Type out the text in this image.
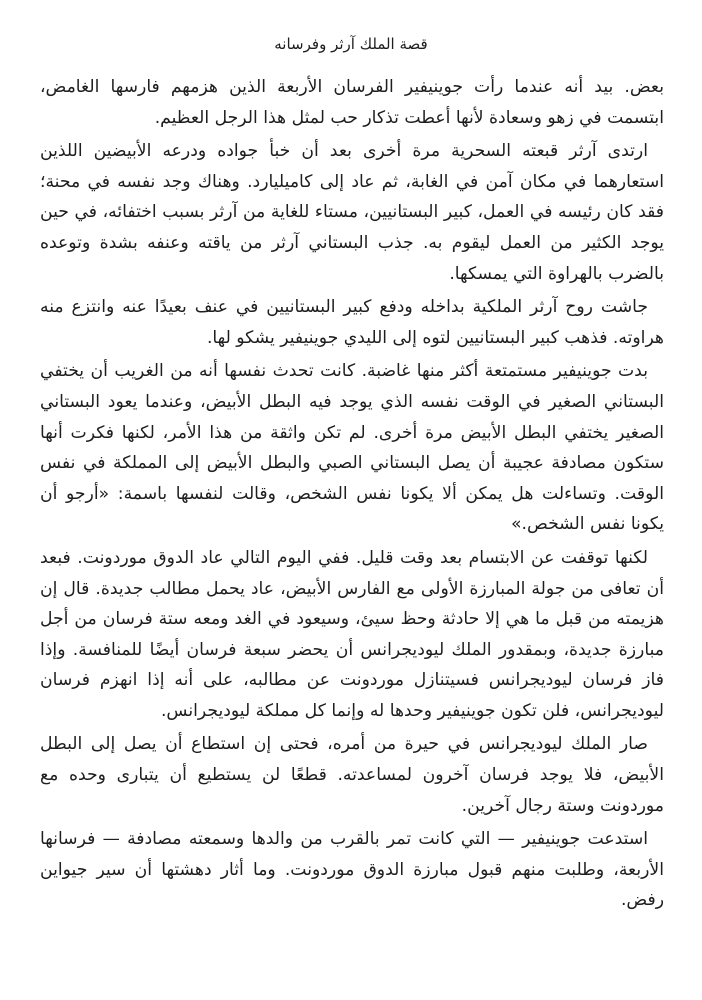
قصة الملك آرثر وفرسانه

بعض. بيد أنه عندما رأت جوينيفير الفرسان الأربعة الذين هزمهم فارسها الغامض، ابتسمت في زهو وسعادة لأنها أعطت تذكار حب لمثل هذا الرجل العظيم.

ارتدى آرثر قبعته السحرية مرة أخرى بعد أن خبأ جواده ودرعه الأبيضين اللذين استعارهما في مكان آمن في الغابة، ثم عاد إلى كاميليارد. وهناك وجد نفسه في محنة؛ فقد كان رئيسه في العمل، كبير البستانيين، مستاء للغاية من آرثر بسبب اختفائه، في حين يوجد الكثير من العمل ليقوم به. جذب البستاني آرثر من ياقته وعنفه بشدة وتوعده بالضرب بالهراوة التي يمسكها.

جاشت روح آرثر الملكية بداخله ودفع كبير البستانيين في عنف بعيدًا عنه وانتزع منه هراوته. فذهب كبير البستانيين لتوه إلى الليدي جوينيفير يشكو لها.

بدت جوينيفير مستمتعة أكثر منها غاضبة. كانت تحدث نفسها أنه من الغريب أن يختفي البستاني الصغير في الوقت نفسه الذي يوجد فيه البطل الأبيض، وعندما يعود البستاني الصغير يختفي البطل الأبيض مرة أخرى. لم تكن واثقة من هذا الأمر، لكنها فكرت أنها ستكون مصادفة عجيبة أن يصل البستاني الصبي والبطل الأبيض إلى المملكة في نفس الوقت. وتساءلت هل يمكن ألا يكونا نفس الشخص، وقالت لنفسها باسمة: «أرجو أن يكونا نفس الشخص.»

لكنها توقفت عن الابتسام بعد وقت قليل. ففي اليوم التالي عاد الدوق موردونت. فبعد أن تعافى من جولة المبارزة الأولى مع الفارس الأبيض، عاد يحمل مطالب جديدة. قال إن هزيمته من قبل ما هي إلا حادثة وحظ سيئ، وسيعود في الغد ومعه ستة فرسان من أجل مبارزة جديدة، وبمقدور الملك ليوديجرانس أن يحضر سبعة فرسان أيضًا للمنافسة. وإذا فاز فرسان ليوديجرانس فسيتنازل موردونت عن مطالبه، على أنه إذا انهزم فرسان ليوديجرانس، فلن تكون جوينيفير وحدها له وإنما كل مملكة ليوديجرانس.

صار الملك ليوديجرانس في حيرة من أمره، فحتى إن استطاع أن يصل إلى البطل الأبيض، فلا يوجد فرسان آخرون لمساعدته. قطعًا لن يستطيع أن يتبارى وحده مع موردونت وستة رجال آخرين.

استدعت جوينيفير — التي كانت تمر بالقرب من والدها وسمعته مصادفة — فرسانها الأربعة، وطلبت منهم قبول مبارزة الدوق موردونت. وما أثار دهشتها أن سير جيواين رفض.
